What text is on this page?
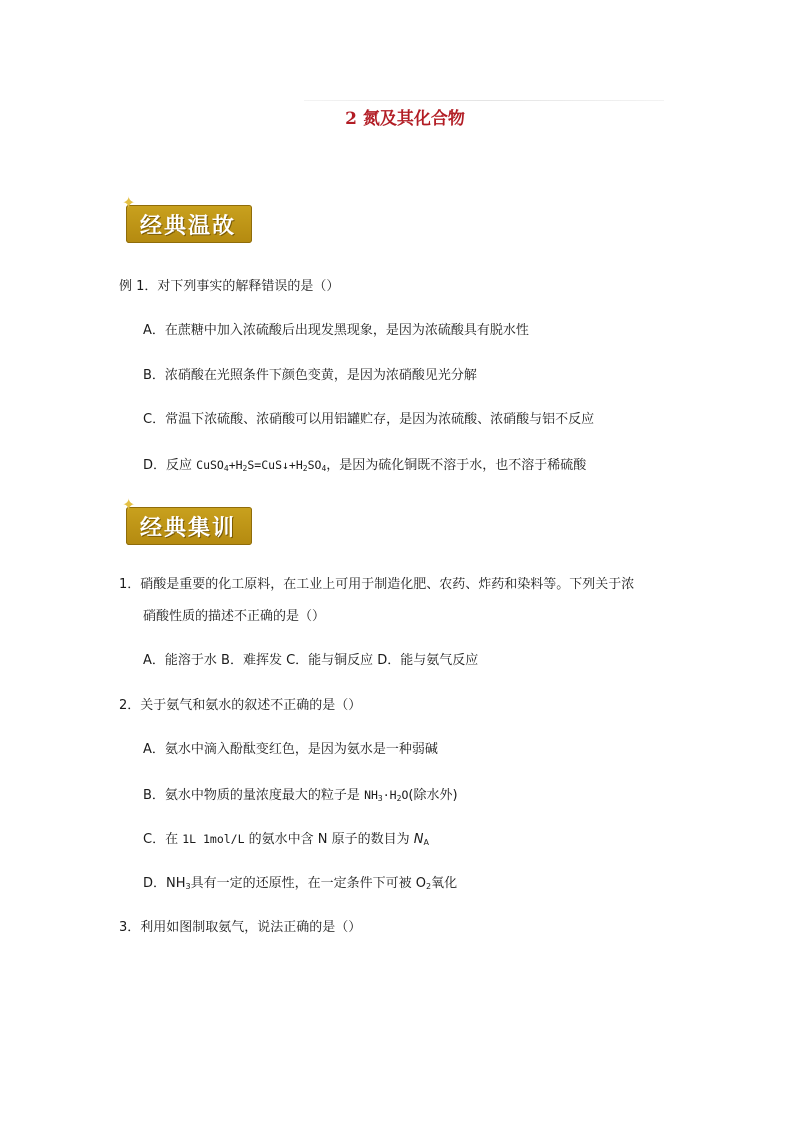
2 氮及其化合物
✦
经典温故
例 1．对下列事实的解释错误的是（）
A．在蔗糖中加入浓硫酸后出现发黑现象，是因为浓硫酸具有脱水性
B．浓硝酸在光照条件下颜色变黄，是因为浓硝酸见光分解
C．常温下浓硫酸、浓硝酸可以用铝罐贮存，是因为浓硫酸、浓硝酸与铝不反应
D．反应 $CuSO_4+H_2S=CuS↓+H_2SO_4$，是因为硫化铜既不溶于水，也不溶于稀硫酸
✦
经典集训
1．硝酸是重要的化工原料，在工业上可用于制造化肥、农药、炸药和染料等。下列关于浓
硝酸性质的描述不正确的是（）
A．能溶于水 B．难挥发 C．能与铜反应 D．能与氨气反应
2．关于氨气和氨水的叙述不正确的是（）
A．氨水中滴入酚酞变红色，是因为氨水是一种弱碱
B．氨水中物质的量浓度最大的粒子是 $NH_3\cdot H_2O$(除水外)
C．在 1L 1mol/L 的氨水中含 N 原子的数目为 $N_A$
D．$NH_3$具有一定的还原性，在一定条件下可被 $O_2$氧化
3．利用如图制取氨气，说法正确的是（）
